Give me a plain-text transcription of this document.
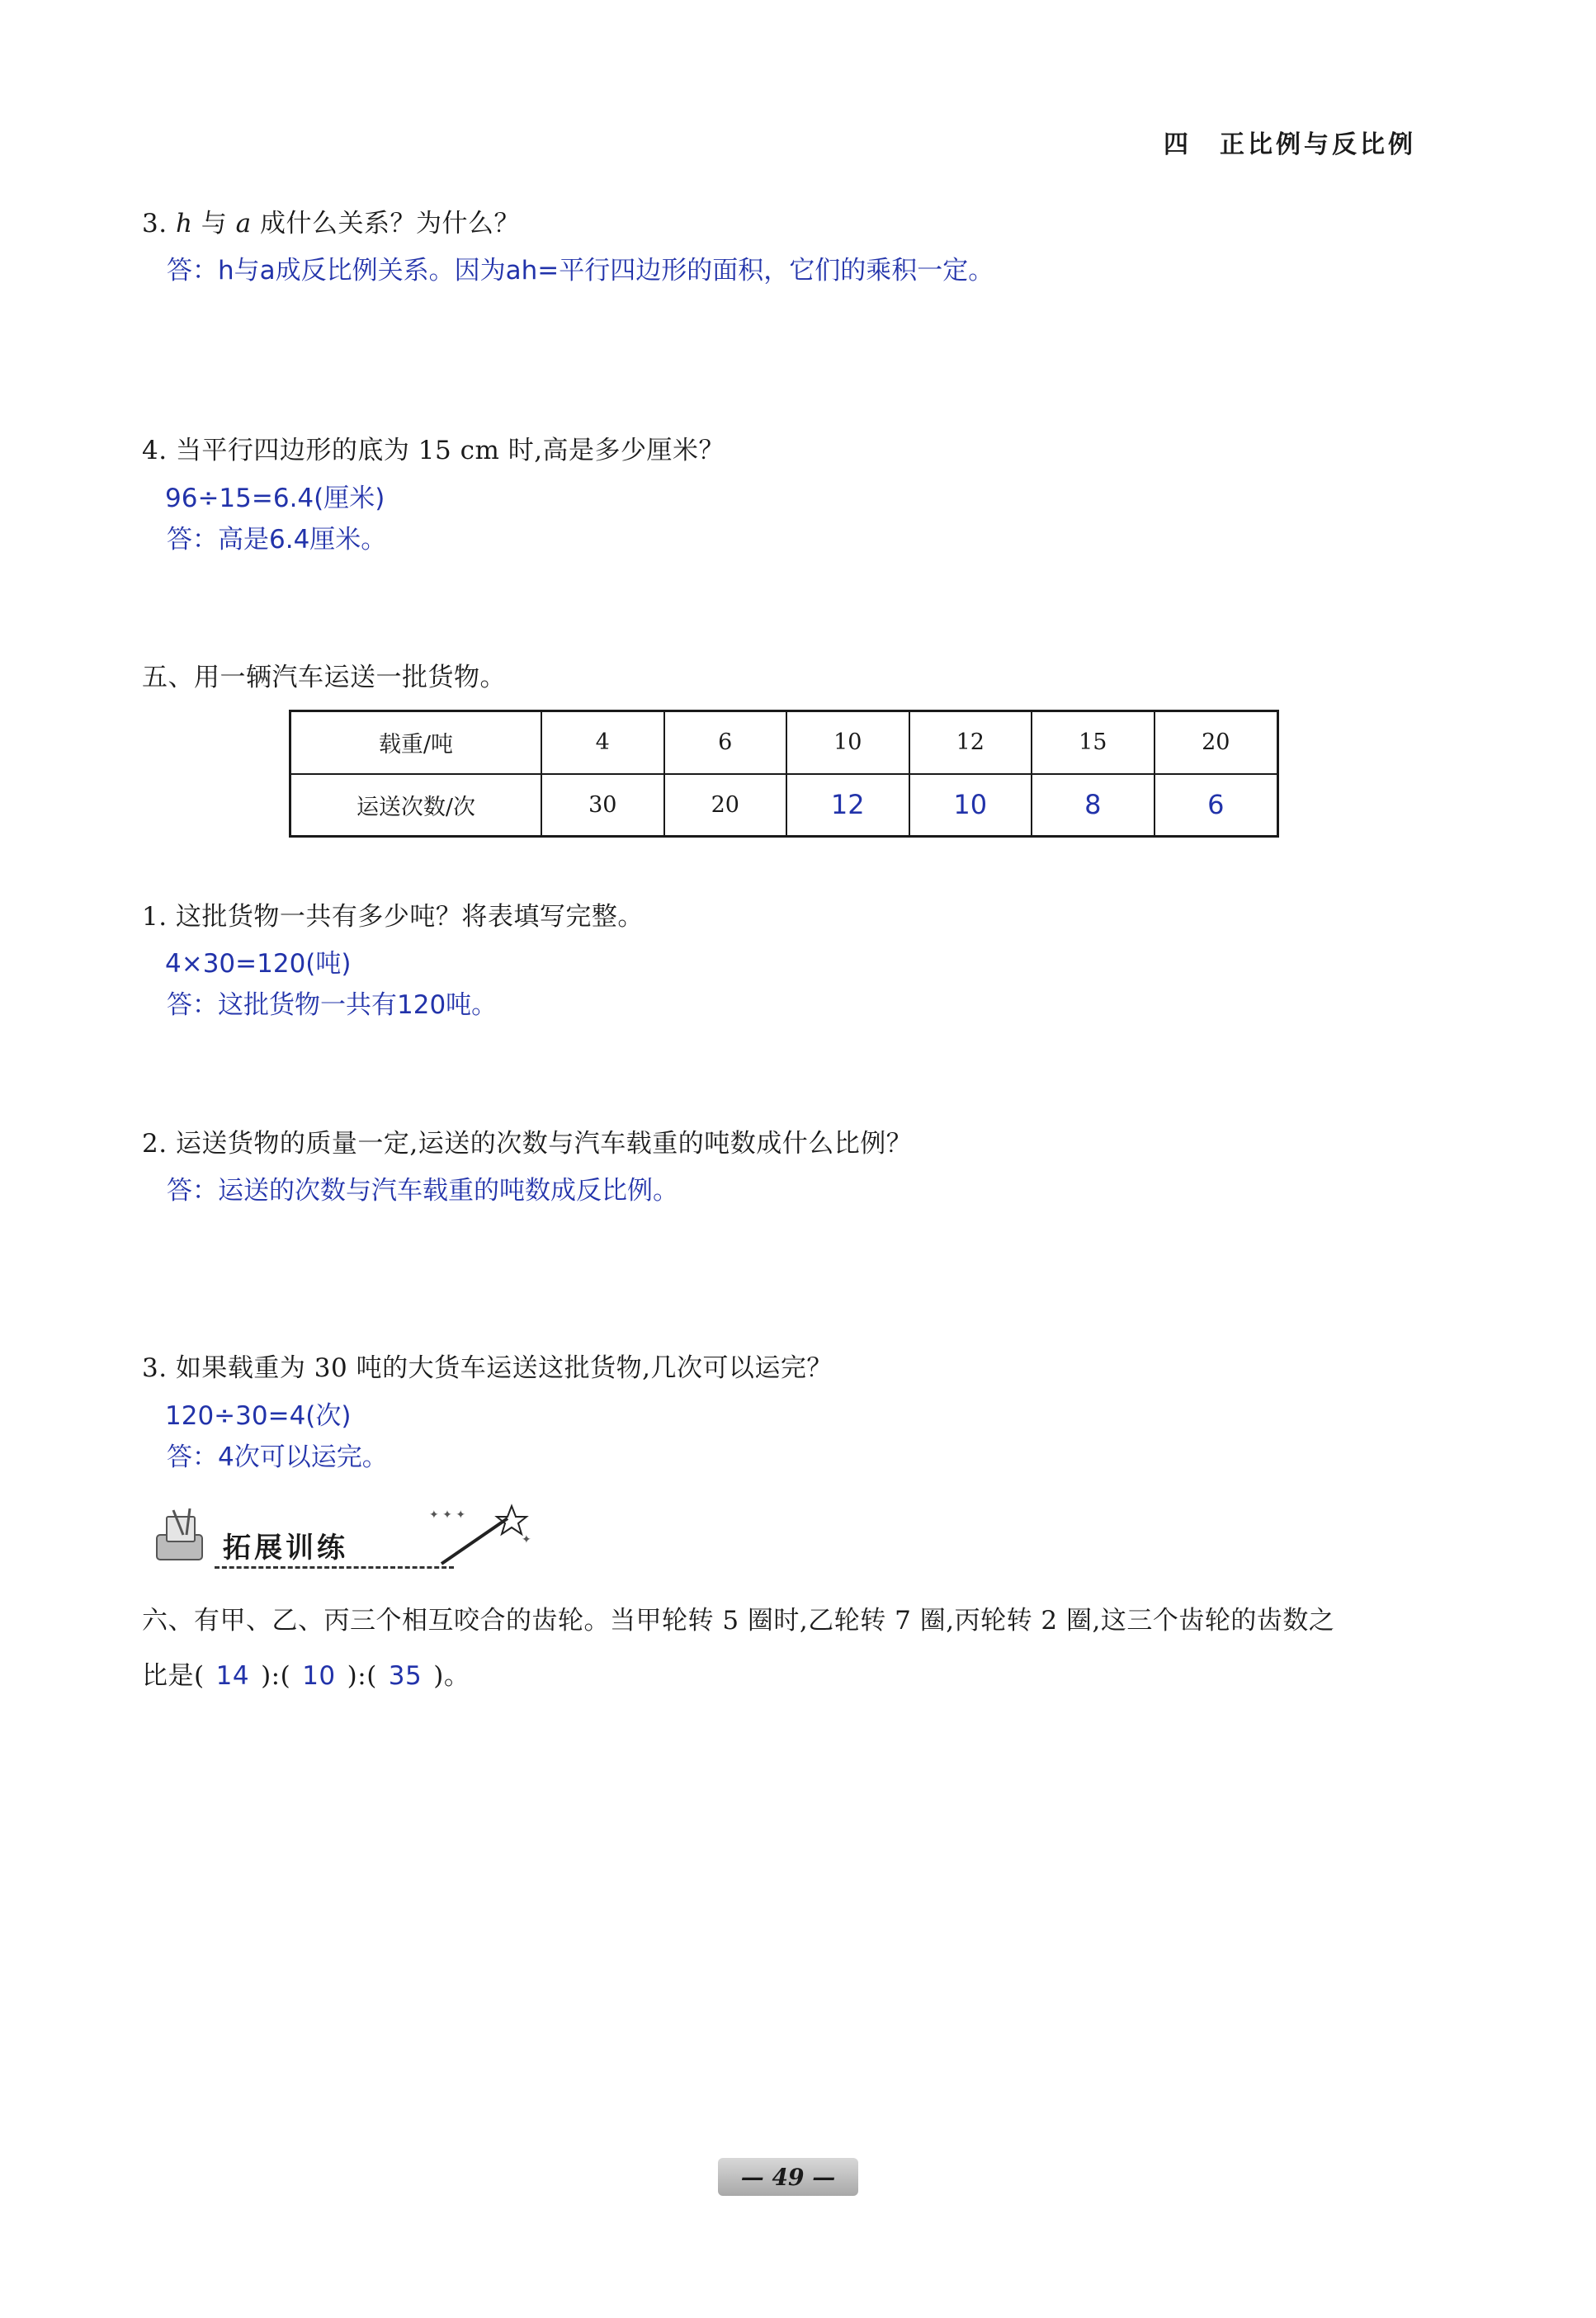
四　正比例与反比例
3. h 与 a 成什么关系？为什么？
答：h与a成反比例关系。因为ah=平行四边形的面积，它们的乘积一定。
4. 当平行四边形的底为 15 cm 时,高是多少厘米？
96÷15=6.4(厘米)
答：高是6.4厘米。
五、用一辆汽车运送一批货物。
载重/吨	4	6	10	12	15	20
运送次数/次	30	20	12	10	8	6
1. 这批货物一共有多少吨？将表填写完整。
4×30=120(吨)
答：这批货物一共有120吨。
2. 运送货物的质量一定,运送的次数与汽车载重的吨数成什么比例？
答：运送的次数与汽车载重的吨数成反比例。
3. 如果载重为 30 吨的大货车运送这批货物,几次可以运完？
120÷30=4(次)
答：4次可以运完。
拓展训练
✦ ✦ ✦
✦
六、有甲、乙、丙三个相互咬合的齿轮。当甲轮转 5 圈时,乙轮转 7 圈,丙轮转 2 圈,这三个齿轮的齿数之
比是( 14 ):( 10 ):( 35 )。
— 49 —
